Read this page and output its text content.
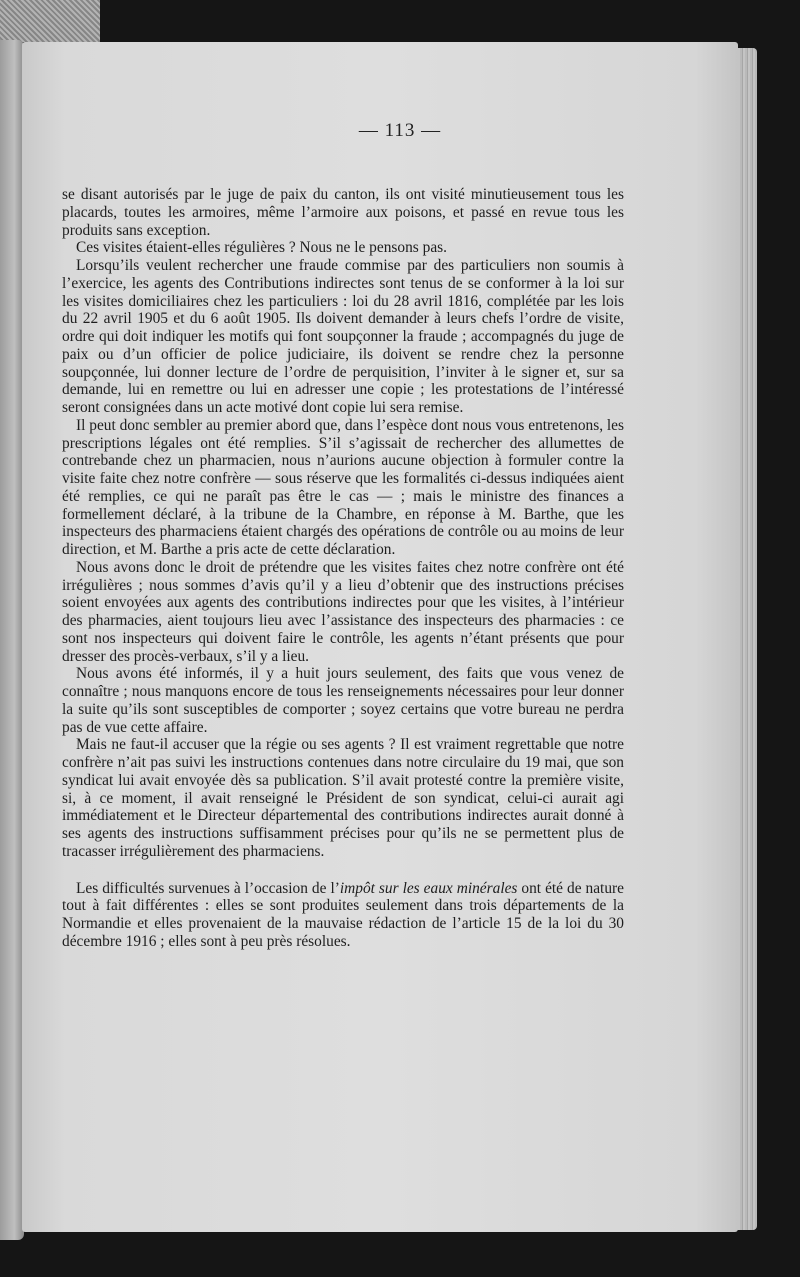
— 113 —

se disant autorisés par le juge de paix du canton, ils ont visité minutieusement tous les placards, toutes les armoires, même l’armoire aux poisons, et passé en revue tous les produits sans exception.

Ces visites étaient-elles régulières ? Nous ne le pensons pas.

Lorsqu’ils veulent rechercher une fraude commise par des particuliers non soumis à l’exercice, les agents des Contributions indirectes sont tenus de se conformer à la loi sur les visites domiciliaires chez les particuliers : loi du 28 avril 1816, complétée par les lois du 22 avril 1905 et du 6 août 1905. Ils doivent demander à leurs chefs l’ordre de visite, ordre qui doit indiquer les motifs qui font soupçonner la fraude ; accompagnés du juge de paix ou d’un officier de police judiciaire, ils doivent se rendre chez la personne soupçonnée, lui donner lecture de l’ordre de perquisition, l’inviter à le signer et, sur sa demande, lui en remettre ou lui en adresser une copie ; les protestations de l’intéressé seront consignées dans un acte motivé dont copie lui sera remise.

Il peut donc sembler au premier abord que, dans l’espèce dont nous vous entretenons, les prescriptions légales ont été remplies. S’il s’agissait de rechercher des allumettes de contrebande chez un pharmacien, nous n’aurions aucune objection à formuler contre la visite faite chez notre confrère — sous réserve que les formalités ci-dessus indiquées aient été remplies, ce qui ne paraît pas être le cas — ; mais le ministre des finances a formellement déclaré, à la tribune de la Chambre, en réponse à M. Barthe, que les inspecteurs des pharmaciens étaient chargés des opérations de contrôle ou au moins de leur direction, et M. Barthe a pris acte de cette déclaration.

Nous avons donc le droit de prétendre que les visites faites chez notre confrère ont été irrégulières ; nous sommes d’avis qu’il y a lieu d’obtenir que des instructions précises soient envoyées aux agents des contributions indirectes pour que les visites, à l’intérieur des pharmacies, aient toujours lieu avec l’assistance des inspecteurs des pharmacies : ce sont nos inspecteurs qui doivent faire le contrôle, les agents n’étant présents que pour dresser des procès-verbaux, s’il y a lieu.

Nous avons été informés, il y a huit jours seulement, des faits que vous venez de connaître ; nous manquons encore de tous les renseignements nécessaires pour leur donner la suite qu’ils sont susceptibles de comporter ; soyez certains que votre bureau ne perdra pas de vue cette affaire.

Mais ne faut-il accuser que la régie ou ses agents ? Il est vraiment regrettable que notre confrère n’ait pas suivi les instructions contenues dans notre circulaire du 19 mai, que son syndicat lui avait envoyée dès sa publication. S’il avait protesté contre la première visite, si, à ce moment, il avait renseigné le Président de son syndicat, celui-ci aurait agi immédiatement et le Directeur départemental des contributions indirectes aurait donné à ses agents des instructions suffisamment précises pour qu’ils ne se permettent plus de tracasser irrégulièrement des pharmaciens.

Les difficultés survenues à l’occasion de l’impôt sur les eaux minérales ont été de nature tout à fait différentes : elles se sont produites seulement dans trois départements de la Normandie et elles provenaient de la mauvaise rédaction de l’article 15 de la loi du 30 décembre 1916 ; elles sont à peu près résolues.
